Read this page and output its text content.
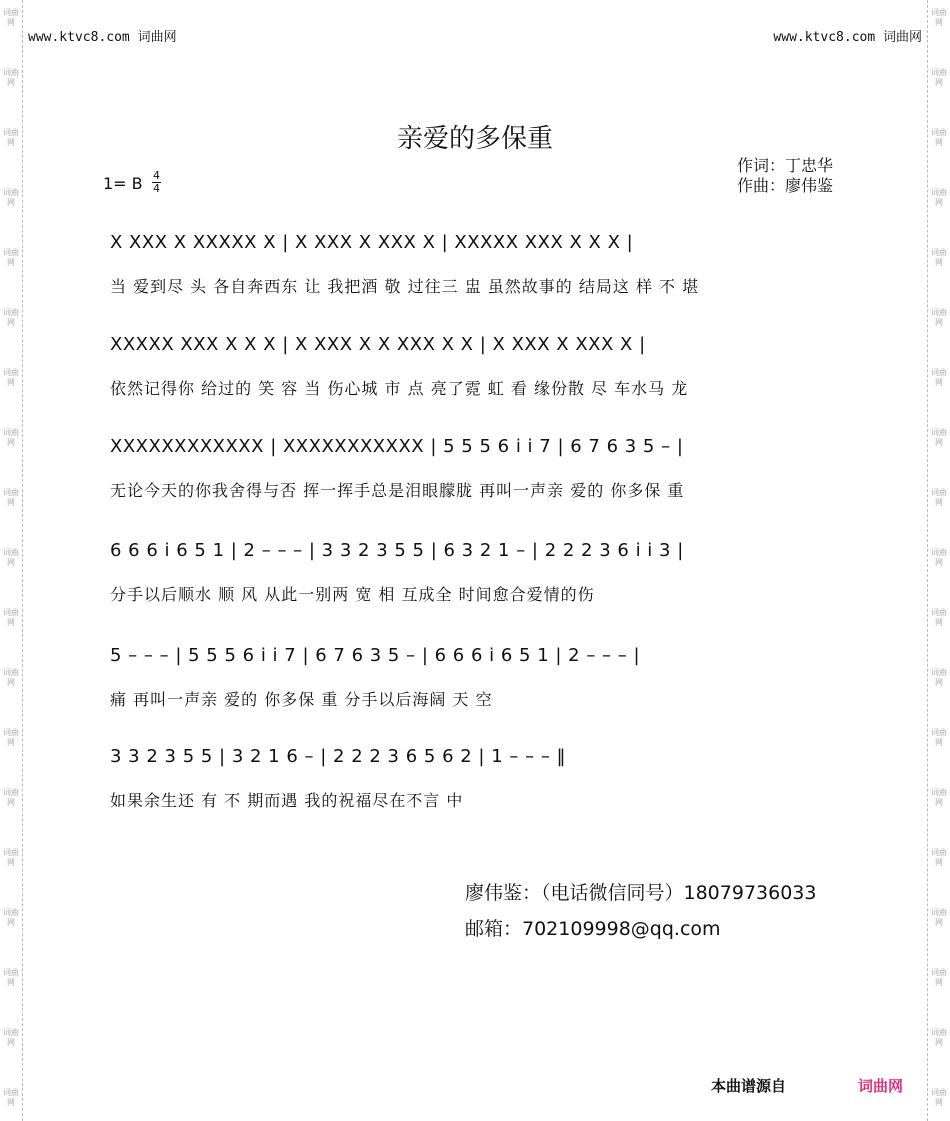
词曲网
词曲网
词曲网
词曲网
词曲网
词曲网
词曲网
词曲网
词曲网
词曲网
词曲网
词曲网
词曲网
词曲网
词曲网
词曲网
词曲网
词曲网
词曲网
词曲网
词曲网
词曲网
词曲网
词曲网
词曲网
词曲网
词曲网
词曲网
词曲网
词曲网
词曲网
词曲网
词曲网
词曲网
词曲网
词曲网
词曲网
词曲网
www.ktvc8.com 词曲网	www.ktvc8.com 词曲网
亲爱的多保重
1= B 4
4
作词：丁忠华
作曲：廖伟鉴
X XXX X XXXXX X | X XXX X XXX X | XXXXX XXX X X X |
当 爱到尽 头 各自奔西东 让 我把酒 敬 过往三 盅 虽然故事的 结局这 样 不 堪
XXXXX XXX X X X | X XXX X X XXX X X | X XXX X XXX X |
依然记得你 给过的 笑 容 当 伤心城 市 点 亮了霓 虹 看 缘份散 尽 车水马 龙
XXXXXXXXXXXX | XXXXXXXXXXX | 5 5 5 6 i i 7 | 6 7 6 3 5 – |
无论今天的你我舍得与否 挥一挥手总是泪眼朦胧 再叫一声亲 爱的 你多保 重
6 6 6 i 6 5 1 | 2 – – – | 3 3 2 3 5 5 | 6 3 2 1 – | 2 2 2 3 6 i i 3 |
分手以后顺水 顺 风 从此一别两 宽 相 互成全 时间愈合爱情的伤
5 – – – | 5 5 5 6 i i 7 | 6 7 6 3 5 – | 6 6 6 i 6 5 1 | 2 – – – |
痛 再叫一声亲 爱的 你多保 重 分手以后海阔 天 空
3 3 2 3 5 5 | 3 2 1 6 – | 2 2 2 3 6 5 6 2 | 1 – – – ‖
如果余生还 有 不 期而遇 我的祝福尽在不言 中
廖伟鉴：（电话微信同号）18079736033
邮箱：702109998@qq.com
本曲谱源自	词曲网
